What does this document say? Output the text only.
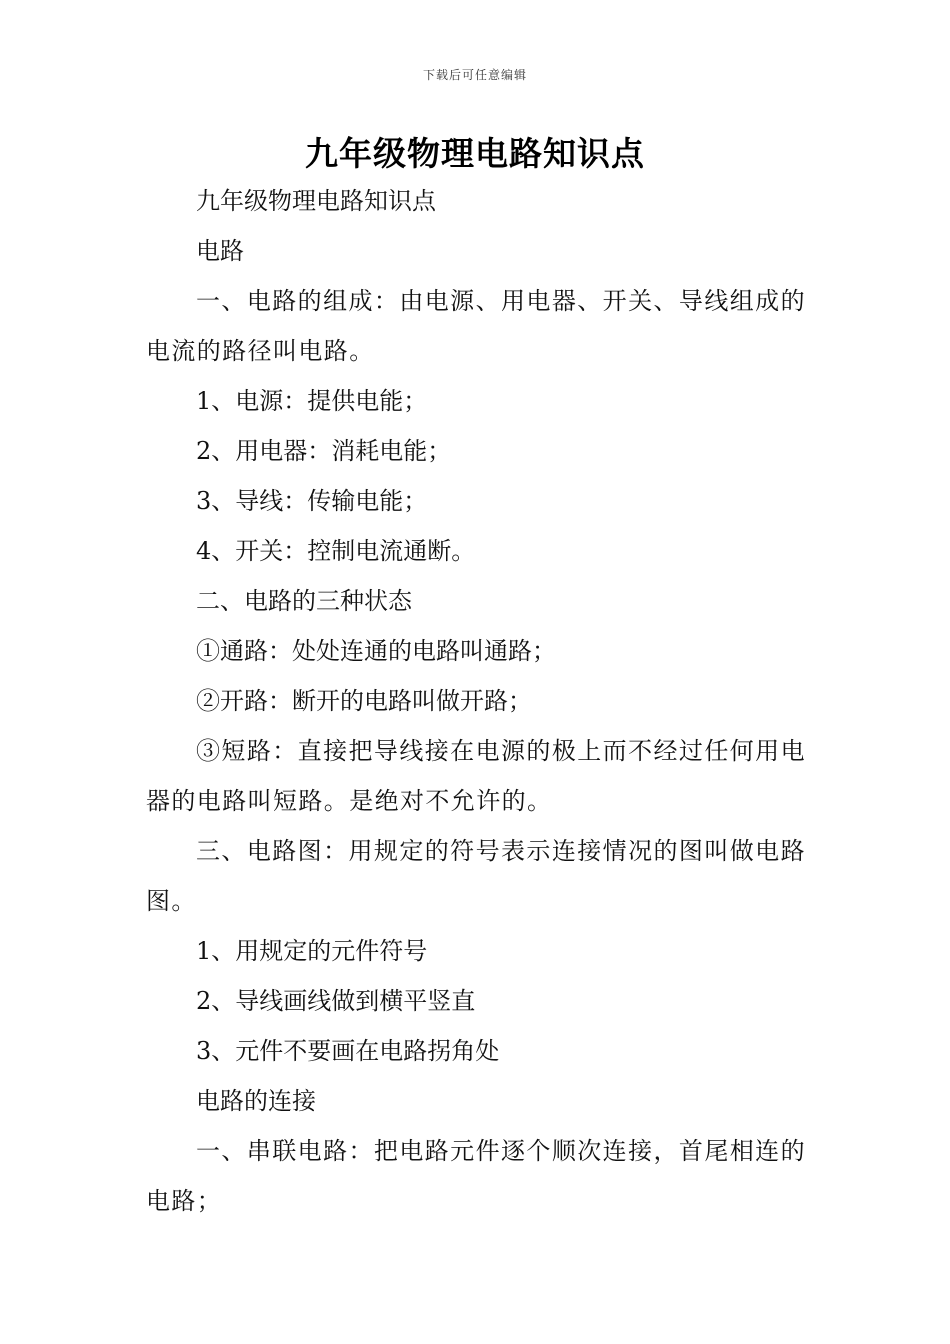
下载后可任意编辑
九年级物理电路知识点

九年级物理电路知识点

电路

一、电路的组成：由电源、用电器、开关、导线组成的电流的路径叫电路。

1、电源：提供电能；

2、用电器：消耗电能；

3、导线：传输电能；

4、开关：控制电流通断。

二、电路的三种状态

①通路：处处连通的电路叫通路；

②开路：断开的电路叫做开路；

③短路：直接把导线接在电源的极上而不经过任何用电器的电路叫短路。是绝对不允许的。

三、电路图：用规定的符号表示连接情况的图叫做电路图。

1、用规定的元件符号

2、导线画线做到横平竖直

3、元件不要画在电路拐角处

电路的连接

一、串联电路：把电路元件逐个顺次连接，首尾相连的电路；
